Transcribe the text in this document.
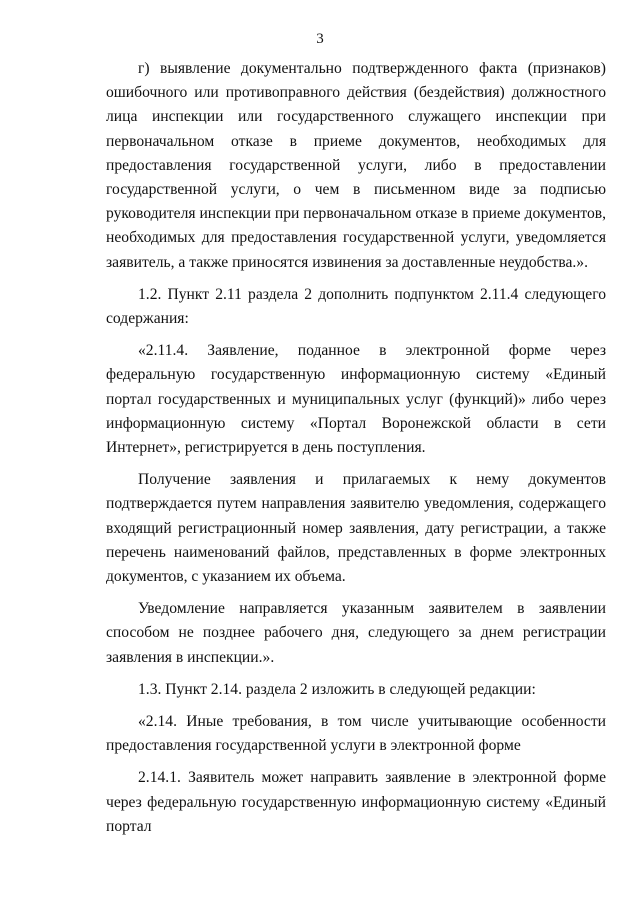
3

г) выявление документально подтвержденного факта (признаков) ошибочного или противоправного действия (бездействия) должностного лица инспекции или государственного служащего инспекции при первоначальном отказе в приеме документов, необходимых для предоставления государственной услуги, либо в предоставлении государственной услуги, о чем в письменном виде за подписью руководителя инспекции при первоначальном отказе в приеме документов, необходимых для предоставления государственной услуги, уведомляется заявитель, а также приносятся извинения за доставленные неудобства.».

1.2. Пункт 2.11 раздела 2 дополнить подпунктом 2.11.4 следующего содержания:

«2.11.4. Заявление, поданное в электронной форме через федеральную государственную информационную систему «Единый портал государственных и муниципальных услуг (функций)» либо через информационную систему «Портал Воронежской области в сети Интернет», регистрируется в день поступления.

Получение заявления и прилагаемых к нему документов подтверждается путем направления заявителю уведомления, содержащего входящий регистрационный номер заявления, дату регистрации, а также перечень наименований файлов, представленных в форме электронных документов, с указанием их объема.

Уведомление направляется указанным заявителем в заявлении способом не позднее рабочего дня, следующего за днем регистрации заявления в инспекции.».

1.3. Пункт 2.14. раздела 2 изложить в следующей редакции:

«2.14. Иные требования, в том числе учитывающие особенности предоставления государственной услуги в электронной форме

2.14.1. Заявитель может направить заявление в электронной форме через федеральную государственную информационную систему «Единый портал
